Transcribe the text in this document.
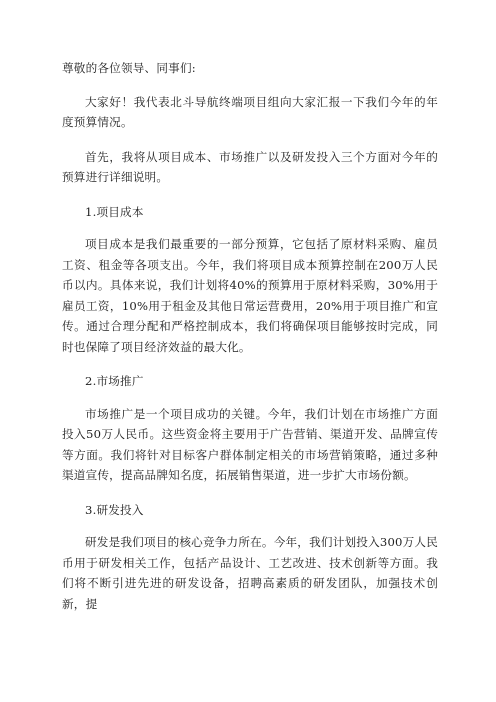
尊敬的各位领导、同事们:

大家好！我代表北斗导航终端项目组向大家汇报一下我们今年的年度预算情况。

首先，我将从项目成本、市场推广以及研发投入三个方面对今年的预算进行详细说明。

1.项目成本

项目成本是我们最重要的一部分预算，它包括了原材料采购、雇员工资、租金等各项支出。今年，我们将项目成本预算控制在200万人民币以内。具体来说，我们计划将40%的预算用于原材料采购，30%用于雇员工资，10%用于租金及其他日常运营费用，20%用于项目推广和宣传。通过合理分配和严格控制成本，我们将确保项目能够按时完成，同时也保障了项目经济效益的最大化。

2.市场推广

市场推广是一个项目成功的关键。今年，我们计划在市场推广方面投入50万人民币。这些资金将主要用于广告营销、渠道开发、品牌宣传等方面。我们将针对目标客户群体制定相关的市场营销策略，通过多种渠道宣传，提高品牌知名度，拓展销售渠道，进一步扩大市场份额。

3.研发投入

研发是我们项目的核心竞争力所在。今年，我们计划投入300万人民币用于研发相关工作，包括产品设计、工艺改进、技术创新等方面。我们将不断引进先进的研发设备，招聘高素质的研发团队，加强技术创新，提
